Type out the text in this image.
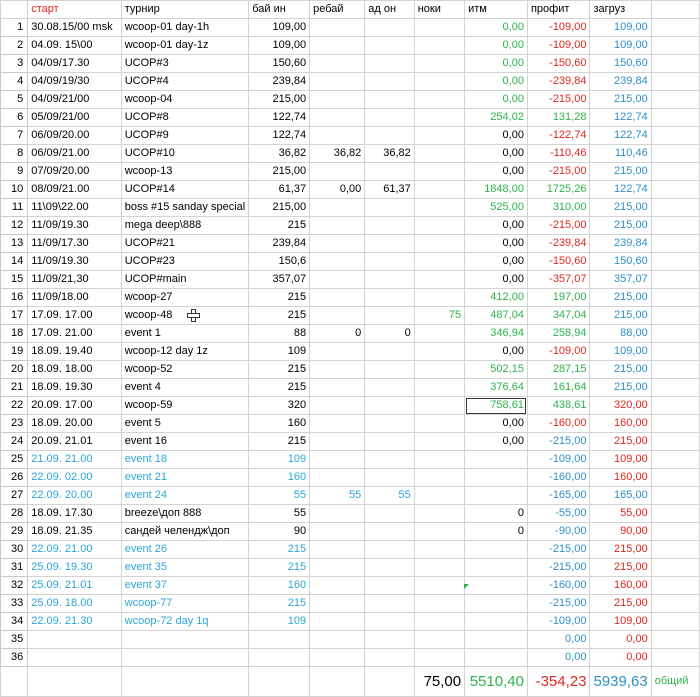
	старт	турнир	бай ин	ребай	ад он	ноки	итм	профит	загруз	
1	30.08.15/00 msk	wcoop-01 day-1h	109,00				0,00	-109,00	109,00	
2	04.09. 15\00	wcoop-01 day-1z	109,00				0,00	-109,00	109,00	
3	04/09/17.30	UCOP#3	150,60				0,00	-150,60	150,60	
4	04/09/19/30	UCOP#4	239,84				0,00	-239,84	239,84	
5	04/09/21/00	wcoop-04	215,00				0,00	-215,00	215,00	
6	05/09/21/00	UCOP#8	122,74				254,02	131,28	122,74	
7	06/09/20.00	UCOP#9	122,74				0,00	-122,74	122,74	
8	06/09/21.00	UCOP#10	36,82	36,82	36,82		0,00	-110,46	110,46	
9	07/09/20.00	wcoop-13	215,00				0,00	-215,00	215,00	
10	08/09/21.00	UCOP#14	61,37	0,00	61,37		1848,00	1725,26	122,74	
11	11\09\22.00	boss #15 sanday special	215,00				525,00	310,00	215,00	
12	11/09/19.30	mega deep\888	215				0,00	-215,00	215,00	
13	11/09/17.30	UCOP#21	239,84				0,00	-239,84	239,84	
14	11/09/19.30	UCOP#23	150,6				0,00	-150,60	150,60	
15	11/09/21,30	UCOP#main	357,07				0,00	-357,07	357,07	
16	11/09/18.00	wcoop-27	215				412,00	197,00	215,00	
17	17.09. 17.00	wcoop-48	215			75	487,04	347,04	215,00	
18	17.09. 21.00	event 1	88	0	0		346,94	258,94	88,00	
19	18.09. 19.40	wcoop-12 day 1z	109				0,00	-109,00	109,00	
20	18.09. 18.00	wcoop-52	215				502,15	287,15	215,00	
21	18.09. 19.30	event 4	215				376,64	161,64	215,00	
22	20.09. 17.00	wcoop-59	320				758,61	438,61	320,00	
23	18.09. 20.00	event 5	160				0,00	-160,00	160,00	
24	20.09. 21.01	event 16	215				0,00	-215,00	215,00	
25	21.09. 21.00	event 18	109					-109,00	109,00	
26	22.09. 02.00	event 21	160					-160,00	160,00	
27	22.09. 20.00	event 24	55	55	55			-165,00	165,00	
28	18.09. 17.30	breeze\доп 888	55				0	-55,00	55,00	
29	18.09. 21.35	сандей челендж\доп	90				0	-90,00	90,00	
30	22.09. 21.00	event 26	215					-215,00	215,00	
31	25.09. 19.30	event 35	215					-215,00	215,00	
32	25.09. 21.01	event 37	160					-160,00	160,00	
33	25.09. 18.00	wcoop-77	215					-215,00	215,00	
34	22.09. 21.30	wcoop-72 day 1q	109					-109,00	109,00	
35								0,00	0,00	
36								0,00	0,00	
						75,00	5510,40	-354,23	5939,63	общий
